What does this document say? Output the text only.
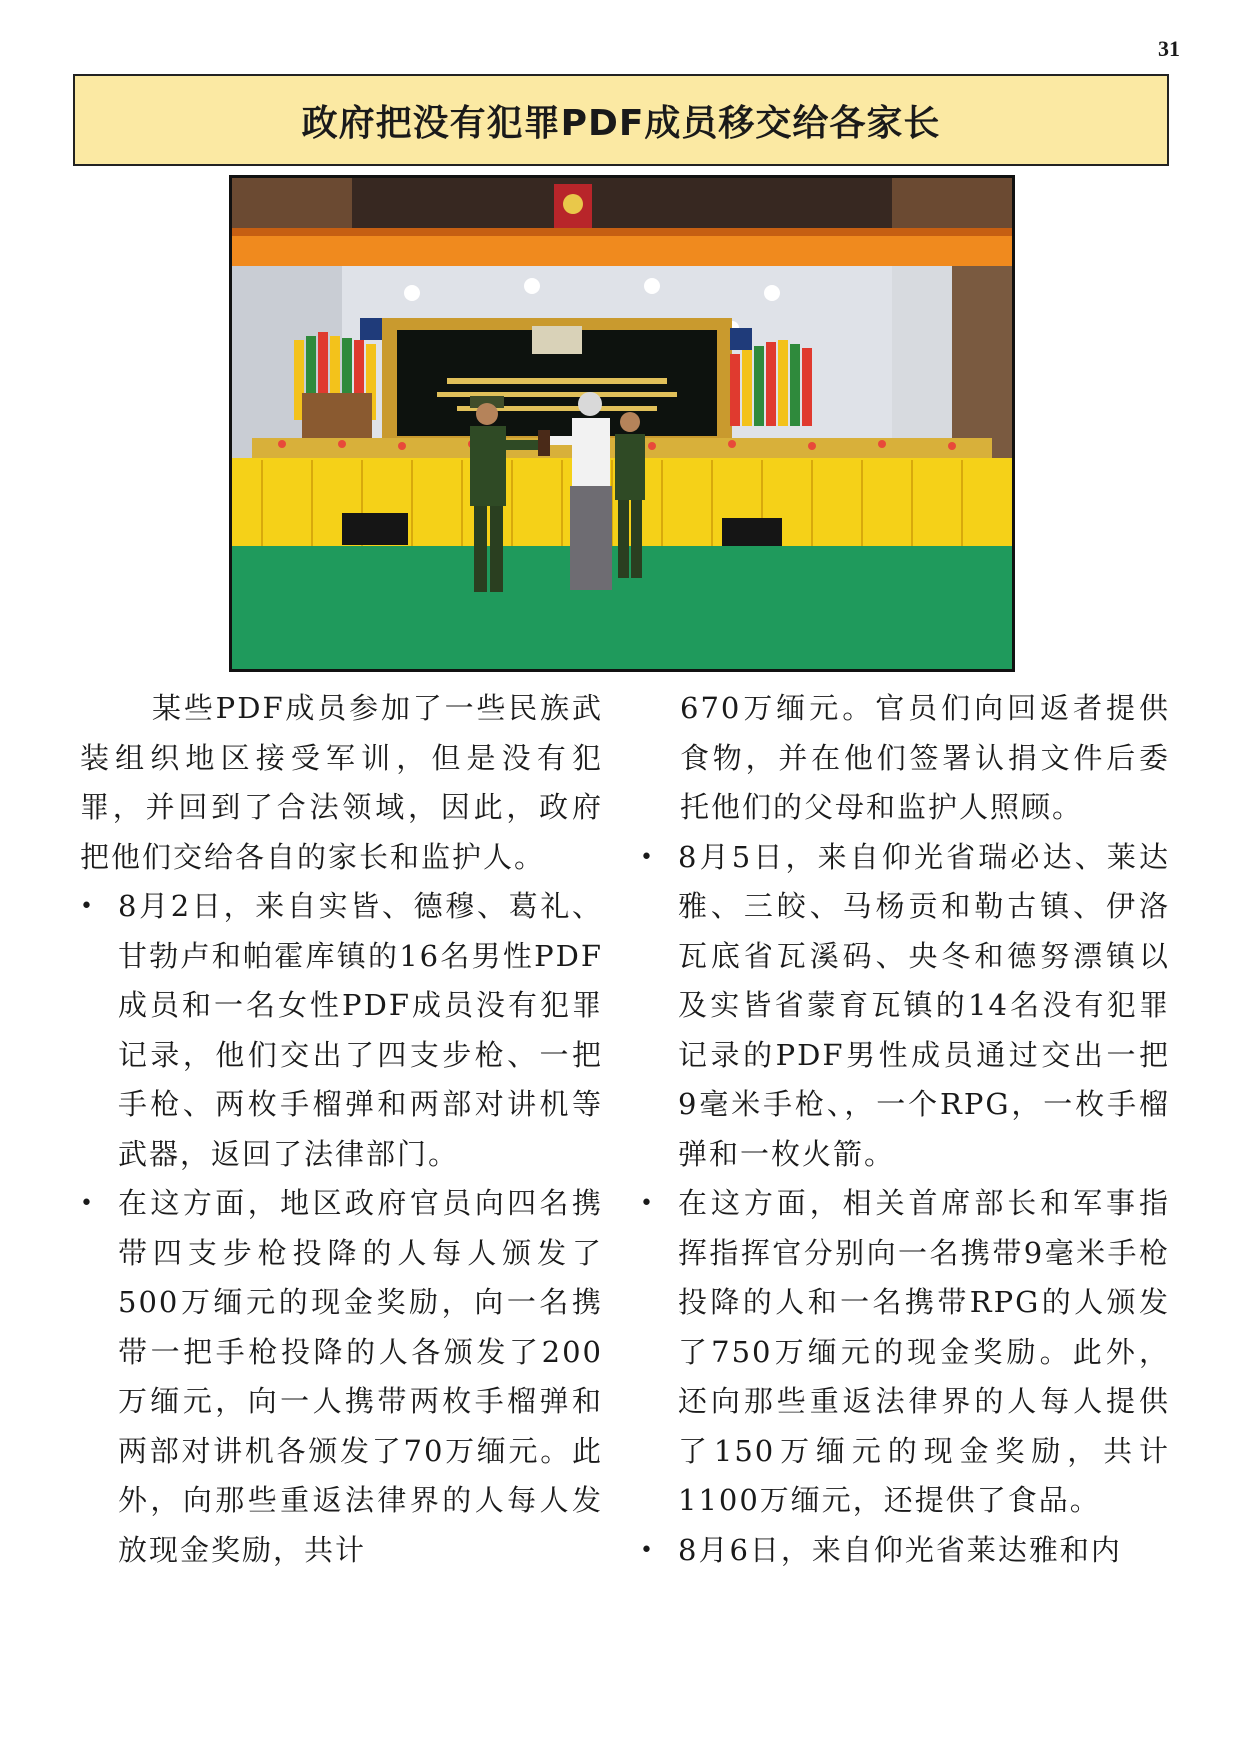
31
政府把没有犯罪PDF成员移交给各家长

某些PDF成员参加了一些民族武装组织地区接受军训，但是没有犯罪，并回到了合法领域，因此，政府把他们交给各自的家长和监护人。

• 8月2日，来自实皆、德穆、葛礼、甘勃卢和帕霍库镇的16名男性PDF成员和一名女性PDF成员没有犯罪记录，他们交出了四支步枪、一把手枪、两枚手榴弹和两部对讲机等武器，返回了法律部门。
• 在这方面，地区政府官员向四名携带四支步枪投降的人每人颁发了500万缅元的现金奖励，向一名携带一把手枪投降的人各颁发了200万缅元，向一人携带两枚手榴弹和两部对讲机各颁发了70万缅元。此外，向那些重返法律界的人每人发放现金奖励，共计

670万缅元。官员们向回返者提供食物，并在他们签署认捐文件后委托他们的父母和监护人照顾。

• 8月5日，来自仰光省瑞必达、莱达雅、三皎、马杨贡和勒古镇、伊洛瓦底省瓦溪码、央冬和德努漂镇以及实皆省蒙育瓦镇的14名没有犯罪记录的PDF男性成员通过交出一把9毫米手枪、，一个RPG，一枚手榴弹和一枚火箭。
• 在这方面，相关首席部长和军事指挥指挥官分别向一名携带9毫米手枪投降的人和一名携带RPG的人颁发了750万缅元的现金奖励。此外，还向那些重返法律界的人每人提供了150万缅元的现金奖励，共计1100万缅元，还提供了食品。
• 8月6日，来自仰光省莱达雅和内
